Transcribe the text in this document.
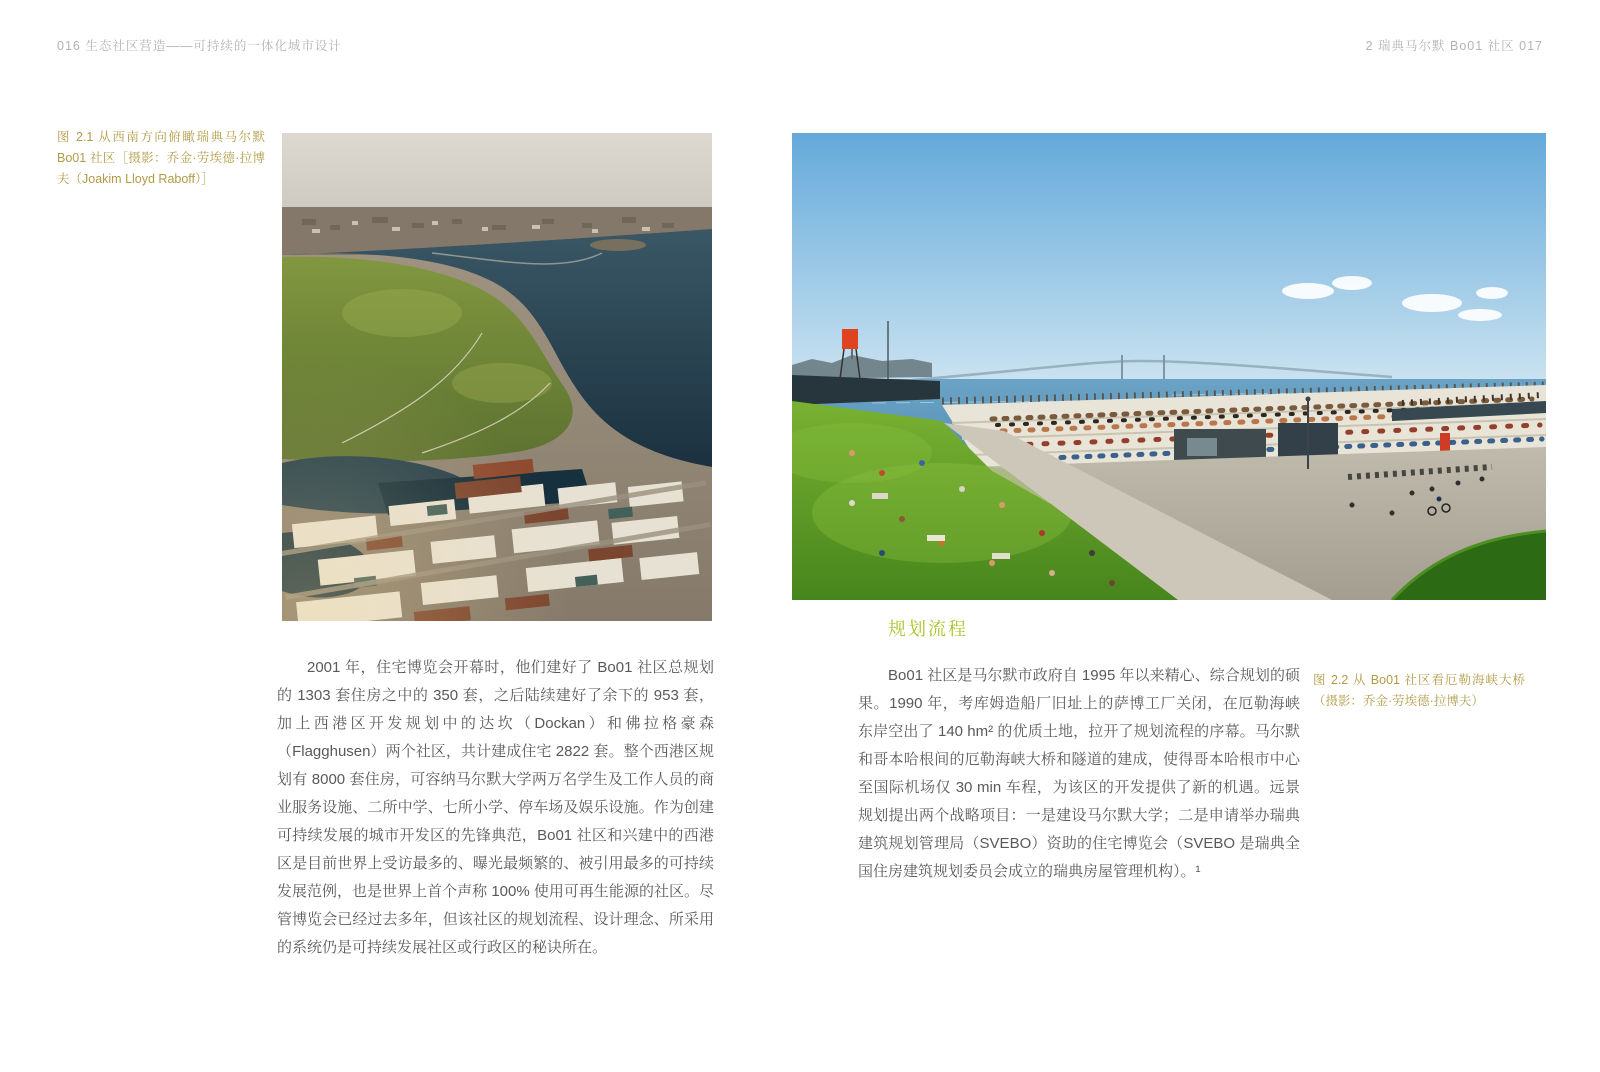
016 生态社区营造——可持续的一体化城市设计	2 瑞典马尔默 Bo01 社区 017
图 2.1 从西南方向俯瞰瑞典马尔默 Bo01 社区［摄影：乔金·劳埃德·拉博夫（Joakim Lloyd Raboff）］
2001 年，住宅博览会开幕时，他们建好了 Bo01 社区总规划的 1303 套住房之中的 350 套，之后陆续建好了余下的 953 套，加上西港区开发规划中的达坎（Dockan）和佛拉格豪森（Flagghusen）两个社区，共计建成住宅 2822 套。整个西港区规划有 8000 套住房，可容纳马尔默大学两万名学生及工作人员的商业服务设施、二所中学、七所小学、停车场及娱乐设施。作为创建可持续发展的城市开发区的先锋典范，Bo01 社区和兴建中的西港区是目前世界上受访最多的、曝光最频繁的、被引用最多的可持续发展范例，也是世界上首个声称 100% 使用可再生能源的社区。尽管博览会已经过去多年，但该社区的规划流程、设计理念、所采用的系统仍是可持续发展社区或行政区的秘诀所在。
规划流程
Bo01 社区是马尔默市政府自 1995 年以来精心、综合规划的硕果。1990 年，考库姆造船厂旧址上的萨博工厂关闭，在厄勒海峡东岸空出了 140 hm² 的优质土地，拉开了规划流程的序幕。马尔默和哥本哈根间的厄勒海峡大桥和隧道的建成，使得哥本哈根市中心至国际机场仅 30 min 车程，为该区的开发提供了新的机遇。远景规划提出两个战略项目：一是建设马尔默大学；二是申请举办瑞典建筑规划管理局（SVEBO）资助的住宅博览会（SVEBO 是瑞典全国住房建筑规划委员会成立的瑞典房屋管理机构）。¹
图 2.2 从 Bo01 社区看厄勒海峡大桥（摄影：乔金·劳埃德·拉博夫）
